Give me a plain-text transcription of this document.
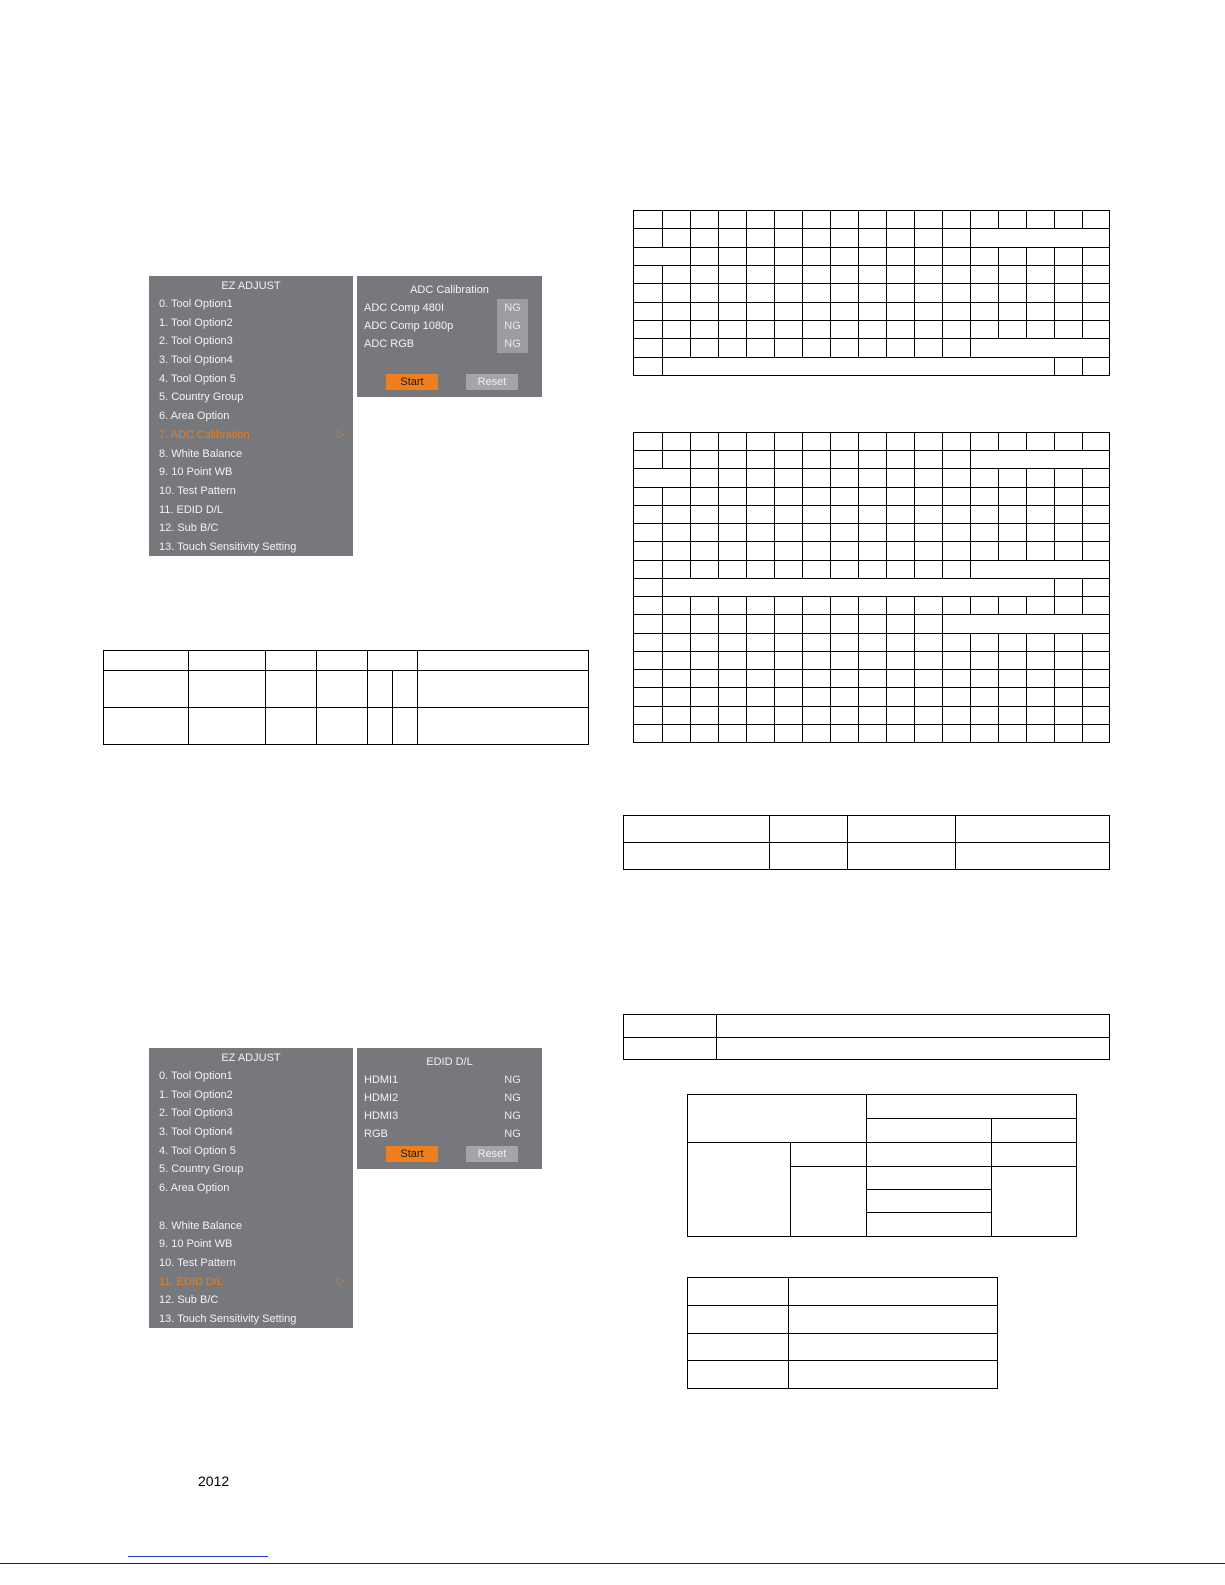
EZ ADJUST
0. Tool Option1
1. Tool Option2
2. Tool Option3
3. Tool Option4
4. Tool Option 5
5. Country Group
6. Area Option
7. ADC Calibration	▷
8. White Balance
9. 10 Point WB
10. Test Pattern
11. EDID D/L
12. Sub B/C
13. Touch Sensitivity Setting
ADC Calibration
ADC Comp 480I	NG
ADC Comp 1080p	NG
ADC RGB	NG
Start	Reset
EZ ADJUST
0. Tool Option1
1. Tool Option2
2. Tool Option3
3. Tool Option4
4. Tool Option 5
5. Country Group
6. Area Option
8. White Balance
9. 10 Point WB
10. Test Pattern
11. EDID D/L	▷
12. Sub B/C
13. Touch Sensitivity Setting
EDID D/L
HDMI1	NG
HDMI2	NG
HDMI3	NG
RGB	NG
Start	Reset

2012
